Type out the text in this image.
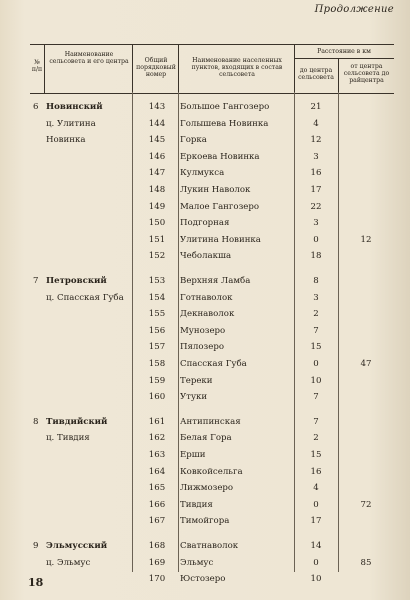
Продолжение
№ п/п
Наименование сельсовета и его центра	Общий порядковый номер
Наименование населенных пунктов, входящих в состав сельсовета
Расстояние в км
до центра сельсовета
от центра сельсовета до райцентра
6 Новинский	143	Большое Гангозеро	21
ц. Улитина	144	Голышева Новинка	4
Новинка	145	Горка	12
146	Еркоева Новинка	3
147	Кулмукса	16
148	Лукин Наволок	17
149	Малое Гангозеро	22
150	Подгорная	3
151	Улитина Новинка	0	12
152	Чеболакша	18
7 Петровский	153	Верхняя Ламба	8
ц. Спасская Губа	154	Готнаволок	3
155	Декнаволок	2
156	Мунозеро	7
157	Пялозеро	15
158	Спасская Губа	0	47
159	Тереки	10
160	Утуки	7
8 Тивдийский	161	Антипинская	7
ц. Тивдия	162	Белая Гора	2
163	Ерши	15
164	Ковкойсельга	16
165	Лижмозеро	4
166	Тивдия	0	72
167	Тимойгора	17
9 Эльмусский	168	Сватнаволок	14
ц. Эльмус	169	Эльмус	0	85
170	Юстозеро	10
18
